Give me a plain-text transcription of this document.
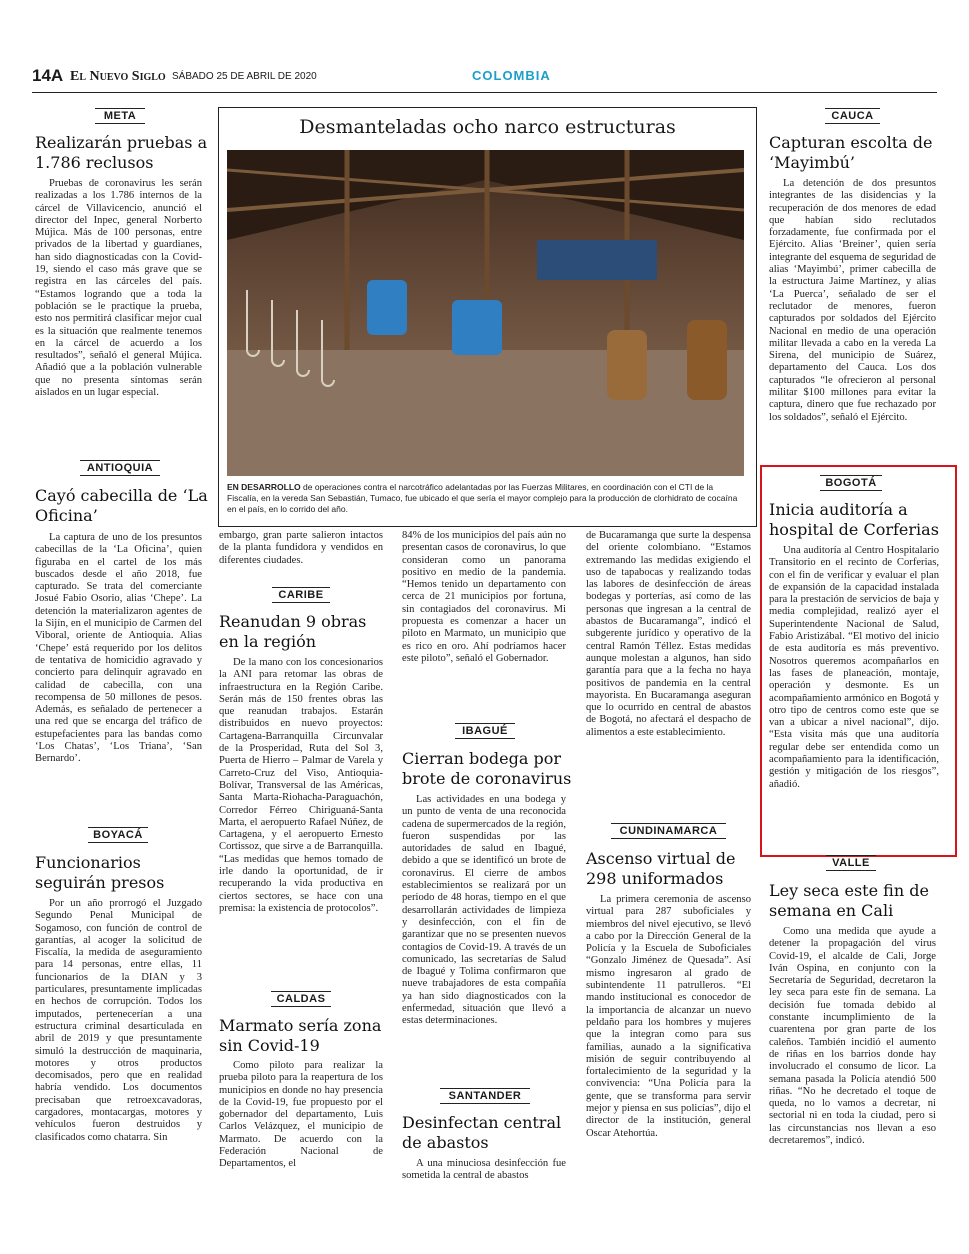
14A El Nuevo Siglo SÁBADO 25 DE ABRIL DE 2020	COLOMBIA
META
Realizarán pruebas a 1.786 reclusos

Pruebas de coronavirus les serán realizadas a los 1.786 internos de la cárcel de Villavicencio, anunció el director del Inpec, general Norberto Mújica. Más de 100 personas, entre privados de la libertad y guardianes, han sido diagnosticadas con la Covid-19, siendo el caso más grave que se registra en las cárceles del país. “Estamos logrando que a toda la población se le practique la prueba, esto nos permitirá clasificar mejor cual es la situación que realmente tenemos en la cárcel de acuerdo a los resultados”, señaló el general Mújica. Añadió que a la población vulnerable que no presenta síntomas serán aislados en un lugar especial.

ANTIOQUIA
Cayó cabecilla de ‘La Oficina’

La captura de uno de los presuntos cabecillas de la ‘La Oficina’, quien figuraba en el cartel de los más buscados desde el año 2018, fue capturado. Se trata del comerciante Josué Fabio Osorio, alias ‘Chepe’. La detención la materializaron agentes de la Sijín, en el municipio de Carmen del Viboral, oriente de Antioquia. Alias ‘Chepe’ está requerido por los delitos de tentativa de homicidio agravado y concierto para delinquir agravado en calidad de cabecilla, con una recompensa de 50 millones de pesos. Además, es señalado de pertenecer a una red que se encarga del tráfico de estupefacientes para las bandas como ‘Los Chatas’, ‘Los Triana’, ‘San Bernardo’.

BOYACÁ
Funcionarios seguirán presos

Por un año prorrogó el Juzgado Segundo Penal Municipal de Sogamoso, con función de control de garantías, al acoger la solicitud de Fiscalía, la medida de aseguramiento para 14 personas, entre ellas, 11 funcionarios de la DIAN y 3 particulares, presuntamente implicadas en hechos de corrupción. Todos los imputados, pertenecerían a una estructura criminal desarticulada en abril de 2019 y que presuntamente simuló la destrucción de maquinaria, motores y otros productos decomisados, pero que en realidad habría vendido. Los documentos precisaban que retroexcavadoras, cargadores, montacargas, motores y vehículos fueron destruidos y clasificados como chatarra. Sin

Desmanteladas ocho narco estructuras
EN DESARROLLO de operaciones contra el narcotráfico adelantadas por las Fuerzas Militares, en coordinación con el CTI de la Fiscalía, en la vereda San Sebastián, Tumaco, fue ubicado el que sería el mayor complejo para la producción de clorhidrato de cocaína en el país, en lo corrido del año.

embargo, gran parte salieron intactos de la planta fundidora y vendidos en diferentes ciudades.

CARIBE
Reanudan 9 obras en la región

De la mano con los concesionarios la ANI para retomar las obras de infraestructura en la Región Caribe. Serán más de 150 frentes obras las que reanudan trabajos. Estarán distribuidos en nuevo proyectos: Cartagena-Barranquilla Circunvalar de la Prosperidad, Ruta del Sol 3, Puerta de Hierro – Palmar de Varela y Carreto-Cruz del Viso, Antioquia-Bolívar, Transversal de las Américas, Santa Marta-Riohacha-Paraguachón, Corredor Férreo Chiriguaná-Santa Marta, el aeropuerto Rafael Núñez, de Cartagena, y el aeropuerto Ernesto Cortissoz, que sirve a de Barranquilla. “Las medidas que hemos tomado de irle dando la oportunidad, de ir recuperando la vida productiva en ciertos sectores, se hace con una premisa: la existencia de protocolos”.

CALDAS
Marmato sería zona sin Covid-19

Como piloto para realizar la prueba piloto para la reapertura de los municipios en donde no hay presencia de la Covid-19, fue propuesto por el gobernador del departamento, Luis Carlos Velázquez, el municipio de Marmato. De acuerdo con la Federación Nacional de Departamentos, el

84% de los municipios del país aún no presentan casos de coronavirus, lo que consideran como un panorama positivo en medio de la pandemia. “Hemos tenido un departamento con cerca de 21 municipios por fortuna, sin contagiados del coronavirus. Mi propuesta es comenzar a hacer un piloto en Marmato, un municipio que es rico en oro. Ahí podríamos hacer este piloto”, señaló el Gobernador.

IBAGUÉ
Cierran bodega por brote de coronavirus

Las actividades en una bodega y un punto de venta de una reconocida cadena de supermercados de la región, fueron suspendidas por las autoridades de salud en Ibagué, debido a que se identificó un brote de coronavirus. El cierre de ambos establecimientos se realizará por un periodo de 48 horas, tiempo en el que desarrollarán actividades de limpieza y desinfección, con el fin de garantizar que no se presenten nuevos contagios de Covid-19. A través de un comunicado, las secretarías de Salud de Ibagué y Tolima confirmaron que nueve trabajadores de esta compañía ya han sido diagnosticados con la enfermedad, situación que llevó a estas determinaciones.

SANTANDER
Desinfectan central de abastos

A una minuciosa desinfección fue sometida la central de abastos

de Bucaramanga que surte la despensa del oriente colombiano. “Estamos extremando las medidas exigiendo el uso de tapabocas y realizando todas las labores de desinfección de áreas bodegas y porterías, así como de las personas que ingresan a la central de abastos de Bucaramanga”, indicó el subgerente jurídico y operativo de la central Ramón Téllez. Estas medidas aunque molestan a algunos, han sido garantía para que a la fecha no haya positivos de pandemia en la central mayorista. En Bucaramanga aseguran que lo ocurrido en central de abastos de Bogotá, no afectará el despacho de alimentos a este establecimiento.

CUNDINAMARCA
Ascenso virtual de 298 uniformados

La primera ceremonia de ascenso virtual para 287 suboficiales y miembros del nivel ejecutivo, se llevó a cabo por la Dirección General de la Policía y la Escuela de Suboficiales “Gonzalo Jiménez de Quesada”. Así mismo ingresaron al grado de subintendente 11 patrulleros. “El mando institucional es conocedor de la importancia de alcanzar un nuevo peldaño para los hombres y mujeres que la integran como para sus familias, aunado a la significativa misión de seguir contribuyendo al fortalecimiento de la seguridad y la convivencia: “Una Policía para la gente, que se transforma para servir mejor y piensa en sus policías”, dijo el director de la institución, general Oscar Atehortúa.

CAUCA
Capturan escolta de ‘Mayimbú’

La detención de dos presuntos integrantes de las disidencias y la recuperación de dos menores de edad que habían sido reclutados forzadamente, fue confirmada por el Ejército. Alias ‘Breiner’, quien sería integrante del esquema de seguridad de alias ‘Mayimbú’, primer cabecilla de la estructura Jaime Martínez, y alias ‘La Puerca’, señalado de ser el reclutador de menores, fueron capturados por soldados del Ejército Nacional en medio de una operación militar llevada a cabo en la vereda La Sirena, del municipio de Suárez, departamento del Cauca. Los dos capturados “le ofrecieron al personal militar $100 millones para evitar la captura, dinero que fue rechazado por los soldados”, señaló el Ejército.

BOGOTÁ
Inicia auditoría a hospital de Corferias

Una auditoría al Centro Hospitalario Transitorio en el recinto de Corferias, con el fin de verificar y evaluar el plan de expansión de la capacidad instalada para la prestación de servicios de baja y media complejidad, realizó ayer el Superintendente Nacional de Salud, Fabio Aristizábal. “El motivo del inicio de esta auditoría es más preventivo. Nosotros queremos acompañarlos en las fases de planeación, montaje, operación y desmonte. Es un acompañamiento armónico en Bogotá y otro tipo de centros como este que se van a ubicar a nivel nacional”, dijo. “Esta visita más que una auditoría regular debe ser entendida como un acompañamiento para la identificación, gestión y mitigación de los riesgos”, añadió.

VALLE
Ley seca este fin de semana en Cali

Como una medida que ayude a detener la propagación del virus Covid-19, el alcalde de Cali, Jorge Iván Ospina, en conjunto con la Secretaría de Seguridad, decretaron la ley seca para este fin de semana. La decisión fue tomada debido al constante incumplimiento de la cuarentena por gran parte de los caleños. También incidió el aumento de riñas en los barrios donde hay involucrado el consumo de licor. La semana pasada la Policía atendió 500 riñas. “No he decretado el toque de queda, no lo vamos a decretar, ni sectorial ni en toda la ciudad, pero si las circunstancias nos llevan a eso decretaremos”, indicó.
